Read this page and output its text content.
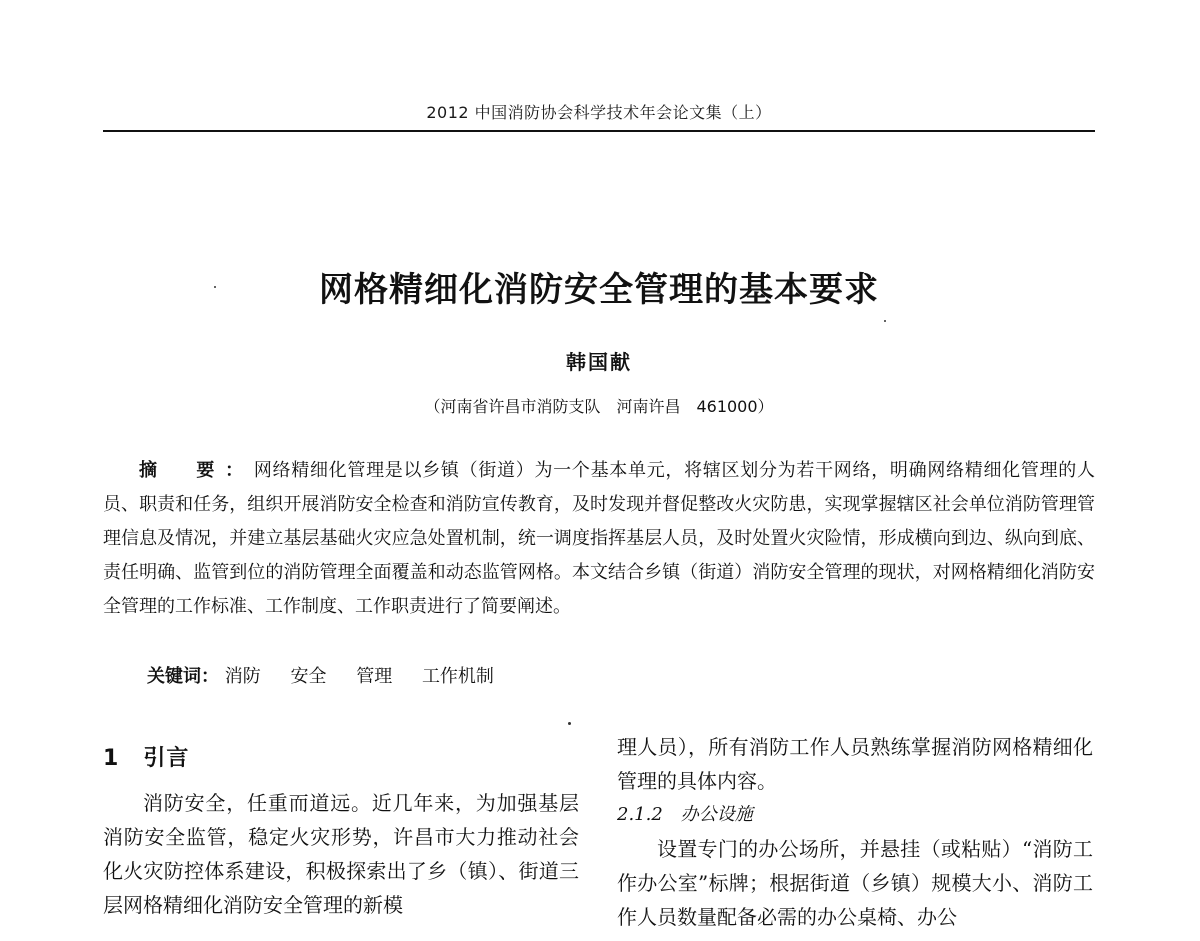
2012 中国消防协会科学技术年会论文集（上）
网格精细化消防安全管理的基本要求
韩国献
（河南省许昌市消防支队　河南许昌　461000）
摘　要：网络精细化管理是以乡镇（街道）为一个基本单元，将辖区划分为若干网络，明确网络精细化管理的人员、职责和任务，组织开展消防安全检查和消防宣传教育，及时发现并督促整改火灾防患，实现掌握辖区社会单位消防管理管理信息及情况，并建立基层基础火灾应急处置机制，统一调度指挥基层人员，及时处置火灾险情，形成横向到边、纵向到底、责任明确、监管到位的消防管理全面覆盖和动态监管网格。本文结合乡镇（街道）消防安全管理的现状，对网格精细化消防安全管理的工作标准、工作制度、工作职责进行了简要阐述。
关键词： 消防 安全 管理 工作机制
1 引言

消防安全，任重而道远。近几年来，为加强基层消防安全监管，稳定火灾形势，许昌市大力推动社会化火灾防控体系建设，积极探索出了乡（镇）、街道三层网格精细化消防安全管理的新模

理人员），所有消防工作人员熟练掌握消防网格精细化管理的具体内容。

2.1.2　办公设施

设置专门的办公场所，并悬挂（或粘贴）“消防工作办公室”标牌；根据街道（乡镇）规模大小、消防工作人员数量配备必需的办公桌椅、办公
